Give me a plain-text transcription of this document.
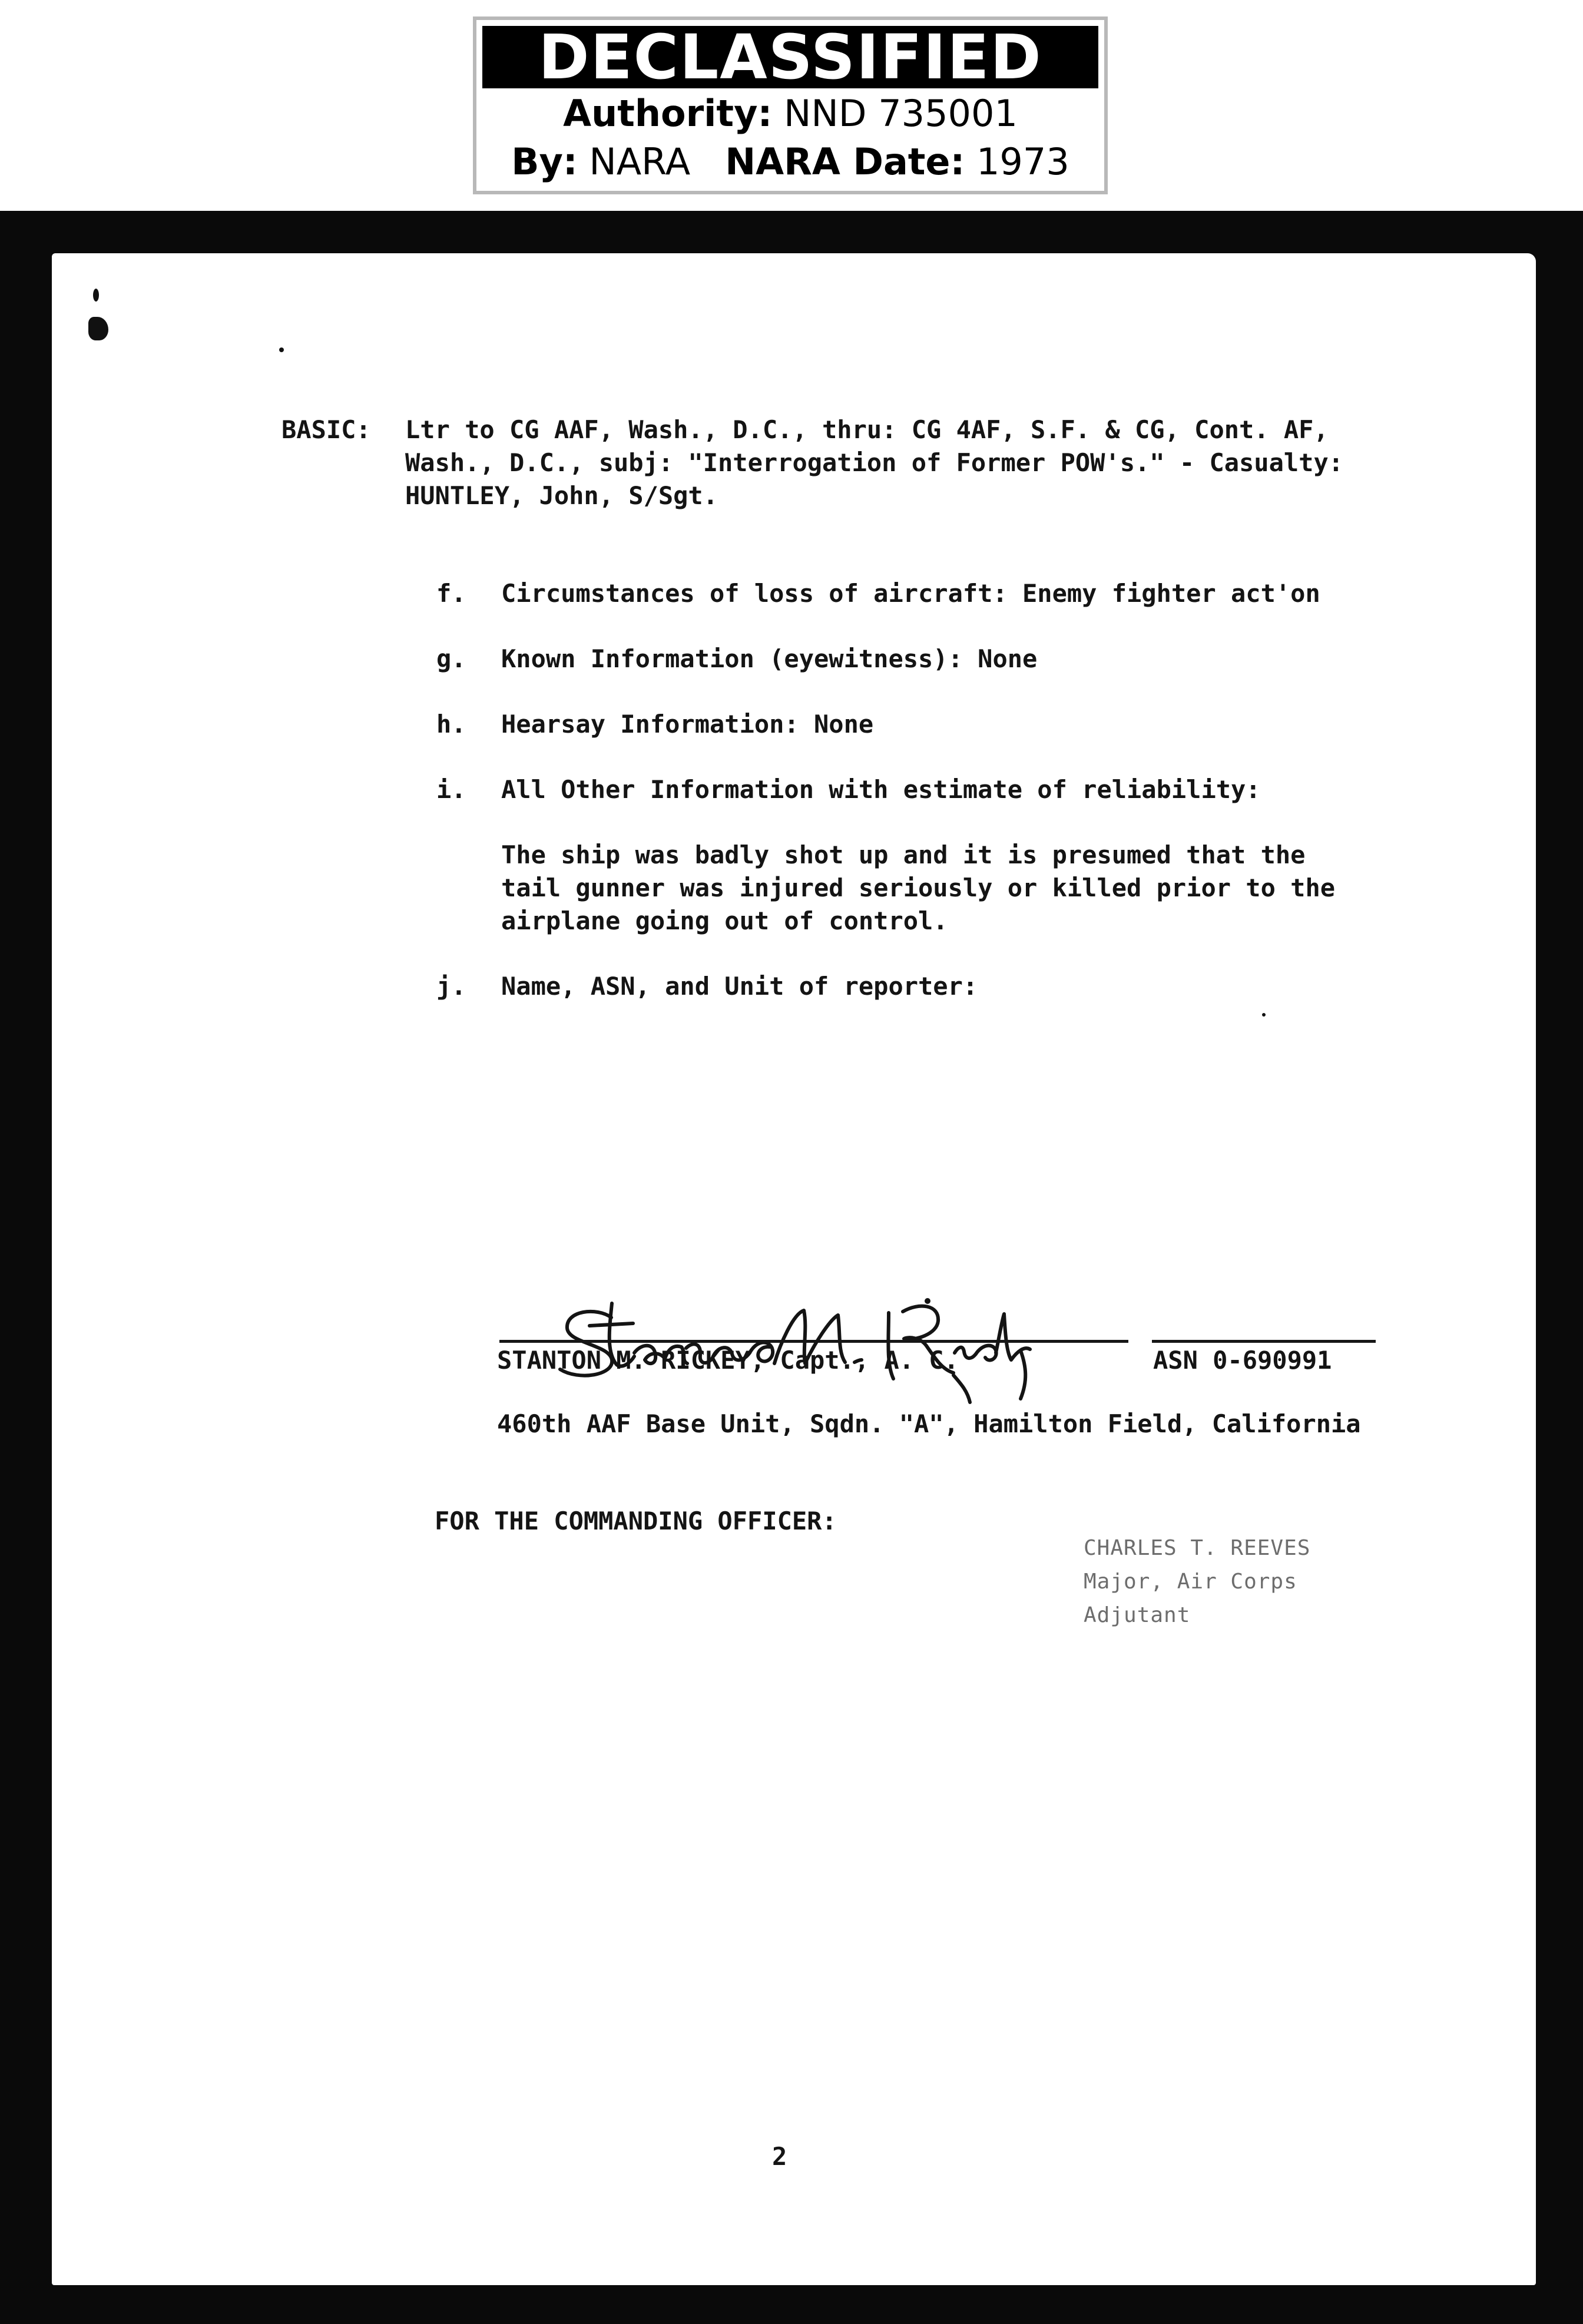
DECLASSIFIED
Authority: NND 735001
By: NARA NARA Date: 1973
BASIC: Ltr to CG AAF, Wash., D.C., thru: CG 4AF, S.F. & CG, Cont. AF,
Wash., D.C., subj: "Interrogation of Former POW's." - Casualty:
HUNTLEY, John, S/Sgt.
f. Circumstances of loss of aircraft: Enemy fighter act'on
g. Known Information (eyewitness): None
h. Hearsay Information: None
i. All Other Information with estimate of reliability:
The ship was badly shot up and it is presumed that the
tail gunner was injured seriously or killed prior to the
airplane going out of control.
j. Name, ASN, and Unit of reporter:
STANTON M. RICKEY, Capt., A. C.	ASN 0-690991
460th AAF Base Unit, Sqdn. "A", Hamilton Field, California
FOR THE COMMANDING OFFICER:
CHARLES T. REEVES
Major, Air Corps
Adjutant
2
